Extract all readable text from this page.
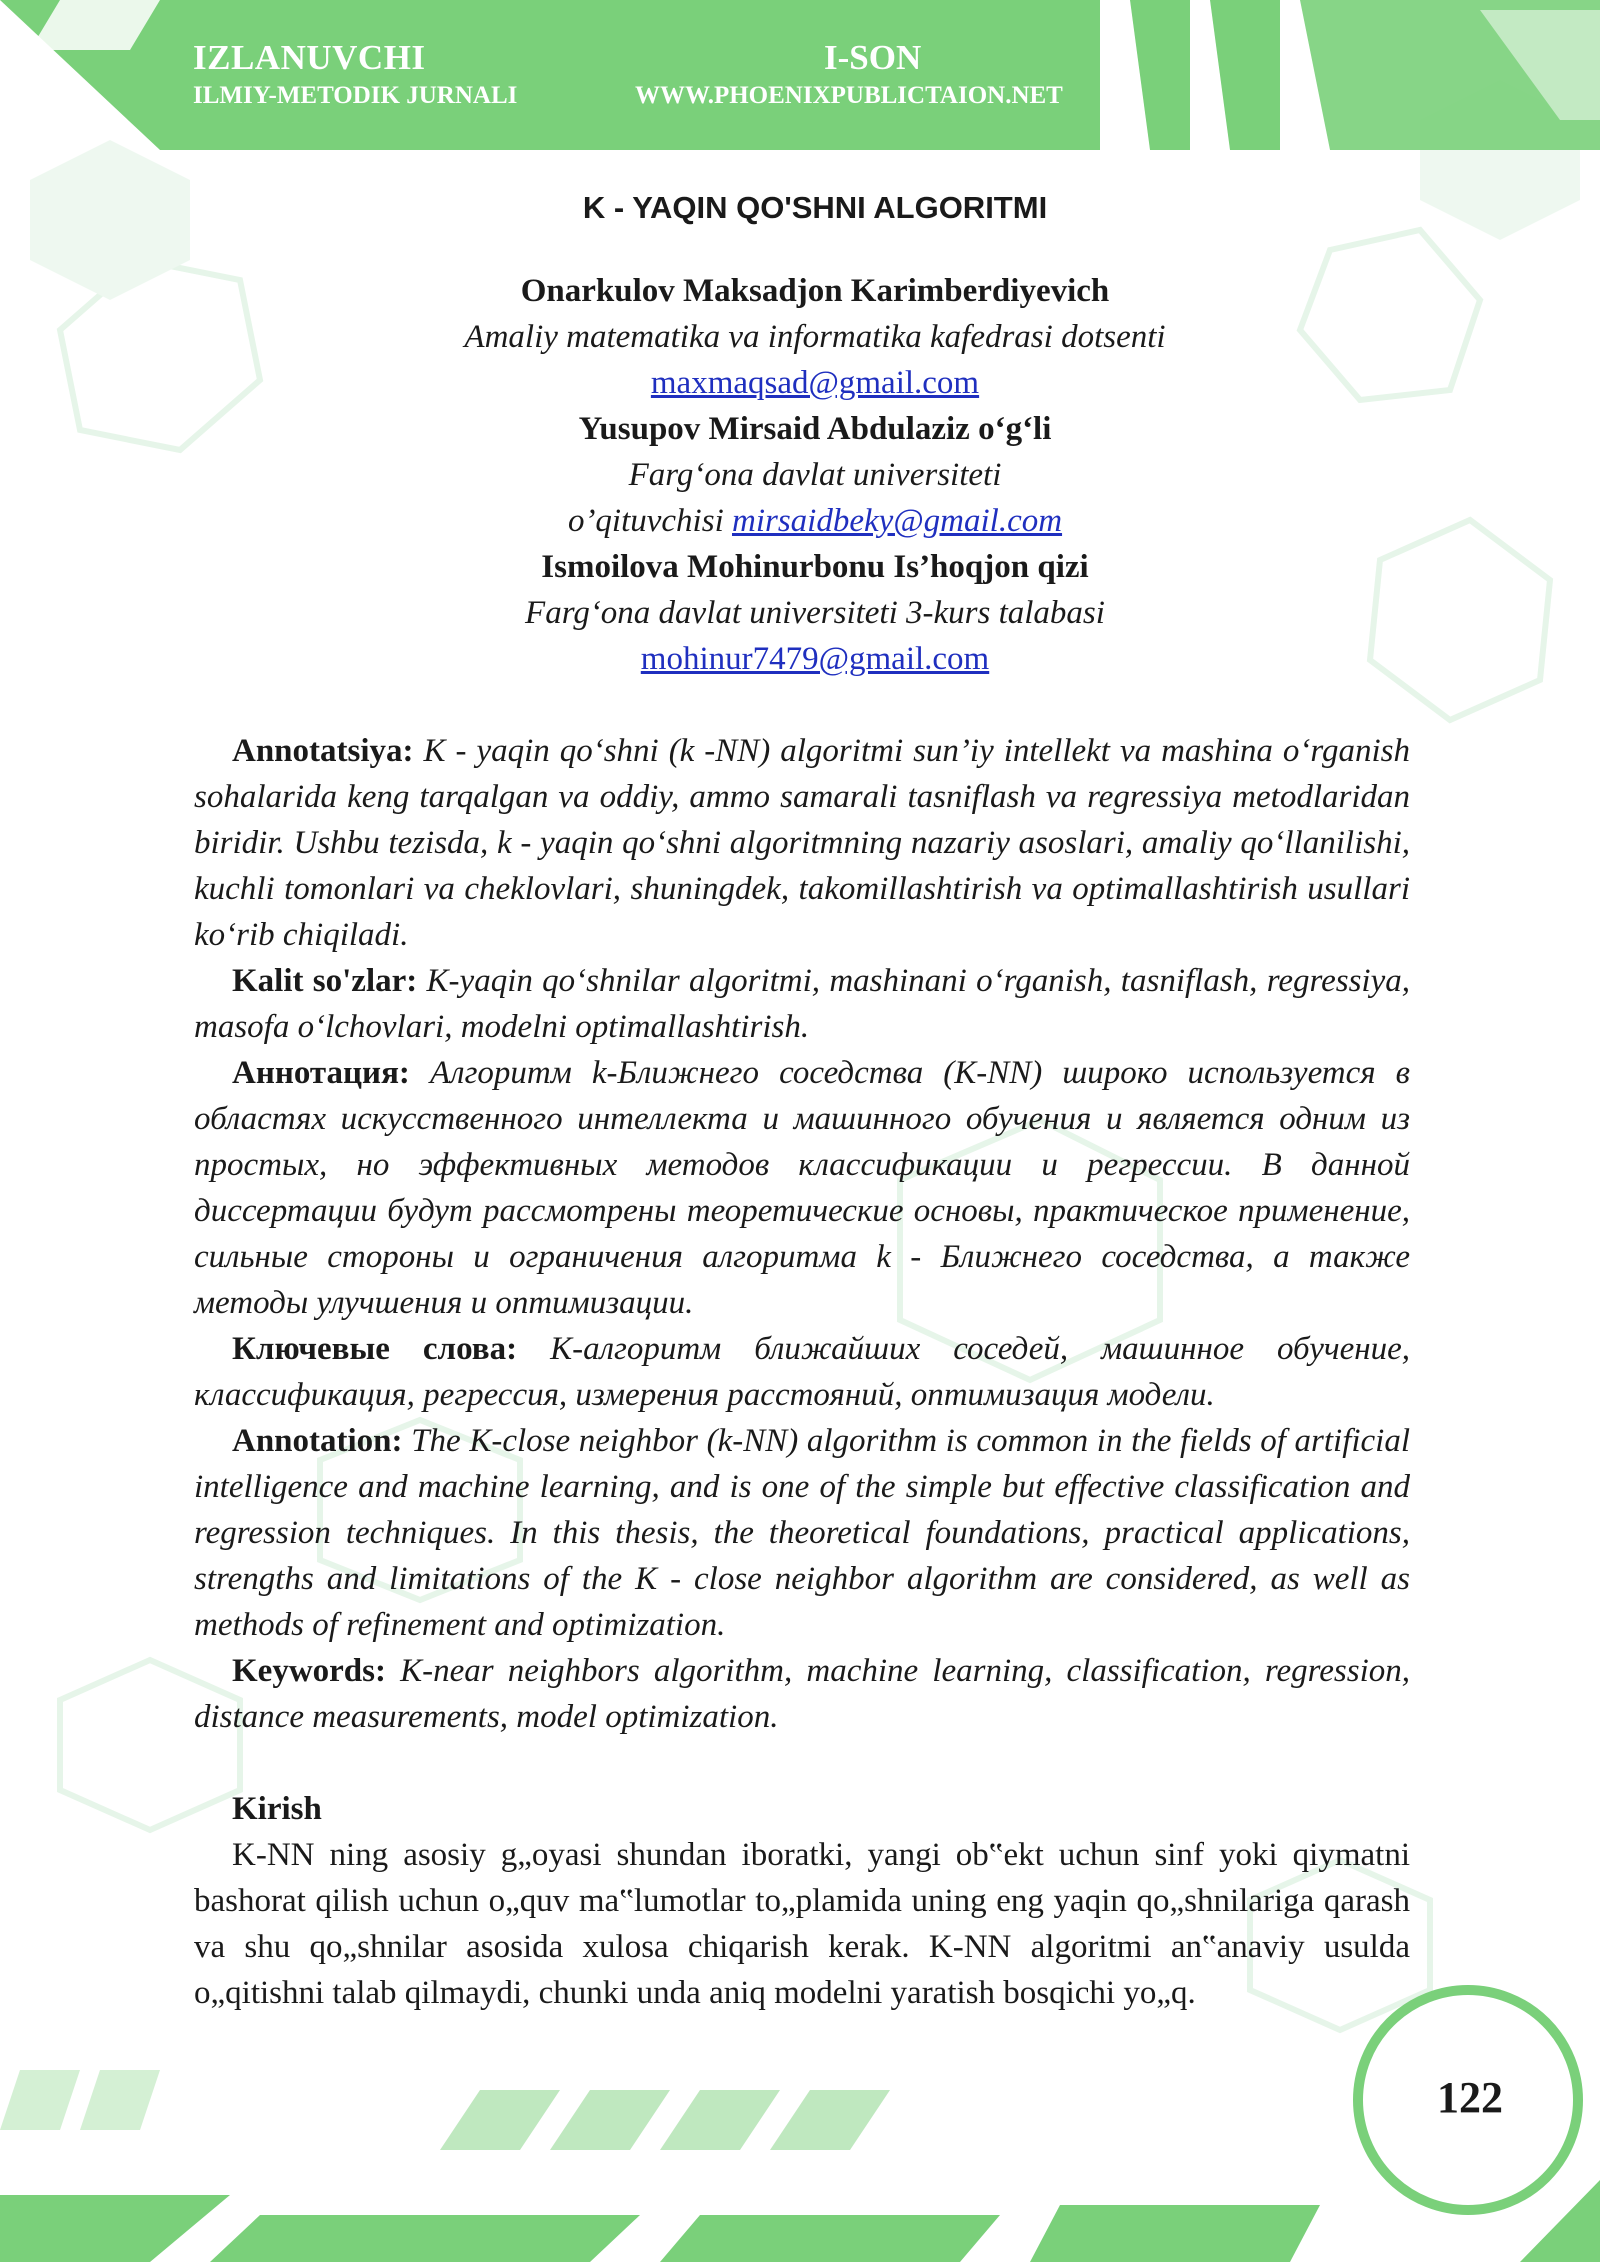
IZLANUVCHI
ILMIY-METODIK JURNALI
I-SON
WWW.PHOENIXPUBLICTAION.NET
K - YAQIN QO'SHNI ALGORITMI
Onarkulov Maksadjon Karimberdiyevich
Amaliy matematika va informatika kafedrasi dotsenti
maxmaqsad@gmail.com
Yusupov Mirsaid Abdulaziz o‘g‘li
Farg‘ona davlat universiteti
o’qituvchisi mirsaidbeky@gmail.com
Ismoilova Mohinurbonu Is’hoqjon qizi
Farg‘ona davlat universiteti 3-kurs talabasi
mohinur7479@gmail.com

Annotatsiya: K - yaqin qo‘shni (k -NN) algoritmi sun’iy intellekt va mashina o‘rganish sohalarida keng tarqalgan va oddiy, ammo samarali tasniflash va regressiya metodlaridan biridir. Ushbu tezisda, k - yaqin qo‘shni algoritmning nazariy asoslari, amaliy qo‘llanilishi, kuchli tomonlari va cheklovlari, shuningdek, takomillashtirish va optimallashtirish usullari ko‘rib chiqiladi.

Kalit so'zlar: K-yaqin qo‘shnilar algoritmi, mashinani o‘rganish, tasniflash, regressiya, masofa o‘lchovlari, modelni optimallashtirish.

Аннотация: Алгоритм k-Ближнего соседства (K-NN) широко используется в областях искусственного интеллекта и машинного обучения и является одним из простых, но эффективных методов классификации и регрессии. В данной диссертации будут рассмотрены теоретические основы, практическое применение, сильные стороны и ограничения алгоритма k - Ближнего соседства, а также методы улучшения и оптимизации.

Ключевые слова: K-алгоритм ближайших соседей, машинное обучение, классификация, регрессия, измерения расстояний, оптимизация модели.

Annotation: The K-close neighbor (k-NN) algorithm is common in the fields of artificial intelligence and machine learning, and is one of the simple but effective classification and regression techniques. In this thesis, the theoretical foundations, practical applications, strengths and limitations of the K - close neighbor algorithm are considered, as well as methods of refinement and optimization.

Keywords: K-near neighbors algorithm, machine learning, classification, regression, distance measurements, model optimization.

Kirish

K-NN ning asosiy g„oyasi shundan iboratki, yangi ob‟ekt uchun sinf yoki qiymatni bashorat qilish uchun o„quv ma‟lumotlar to„plamida uning eng yaqin qo„shnilariga qarash va shu qo„shnilar asosida xulosa chiqarish kerak. K-NN algoritmi an‟anaviy usulda o„qitishni talab qilmaydi, chunki unda aniq modelni yaratish bosqichi yo„q.

122
